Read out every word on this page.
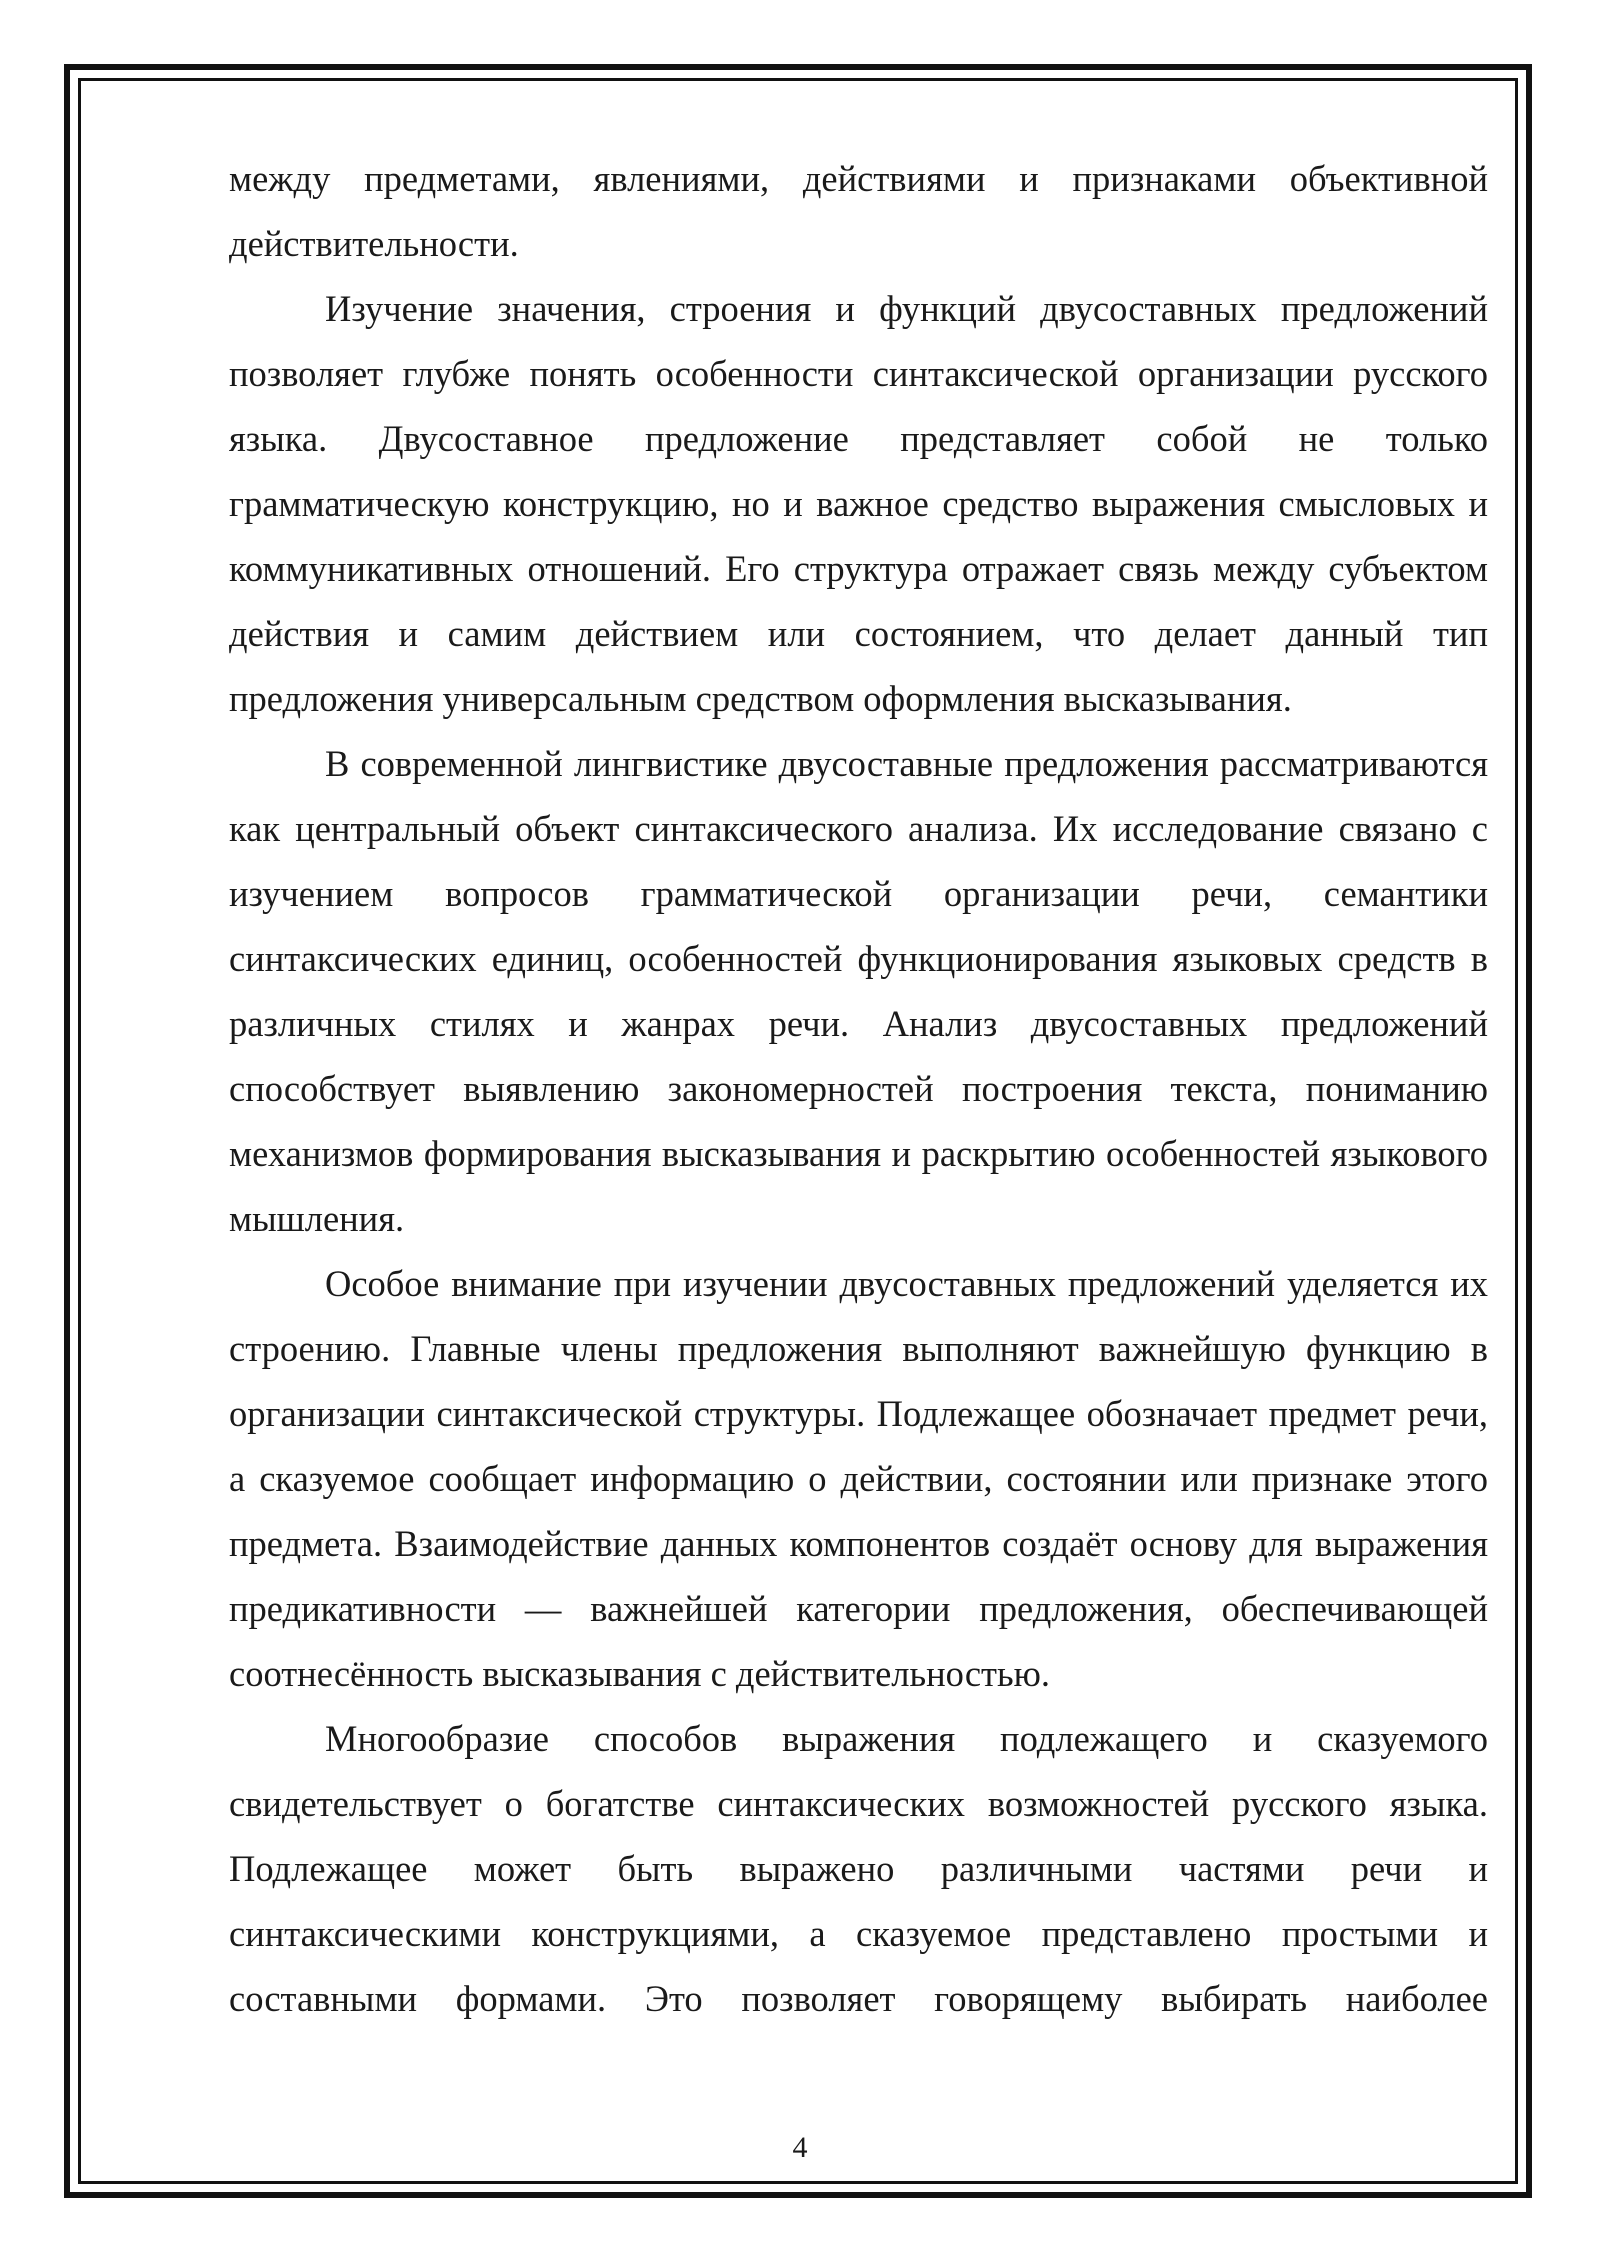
между предметами, явлениями, действиями и признаками объективной действительности.

Изучение значения, строения и функций двусоставных предложений позволяет глубже понять особенности синтаксической организации русского языка. Двусоставное предложение представляет собой не только грамматическую конструкцию, но и важное средство выражения смысловых и коммуникативных отношений. Его структура отражает связь между субъектом действия и самим действием или состоянием, что делает данный тип предложения универсальным средством оформления высказывания.

В современной лингвистике двусоставные предложения рассматриваются как центральный объект синтаксического анализа. Их исследование связано с изучением вопросов грамматической организации речи, семантики синтаксических единиц, особенностей функционирования языковых средств в различных стилях и жанрах речи. Анализ двусоставных предложений способствует выявлению закономерностей построения текста, пониманию механизмов формирования высказывания и раскрытию особенностей языкового мышления.

Особое внимание при изучении двусоставных предложений уделяется их строению. Главные члены предложения выполняют важнейшую функцию в организации синтаксической структуры. Подлежащее обозначает предмет речи, а сказуемое сообщает информацию о действии, состоянии или признаке этого предмета. Взаимодействие данных компонентов создаёт основу для выражения предикативности — важнейшей категории предложения, обеспечивающей соотнесённость высказывания с действительностью.

Многообразие способов выражения подлежащего и сказуемого свидетельствует о богатстве синтаксических возможностей русского языка. Подлежащее может быть выражено различными частями речи и синтаксическими конструкциями, а сказуемое представлено простыми и составными формами. Это позволяет говорящему выбирать наиболее

4
